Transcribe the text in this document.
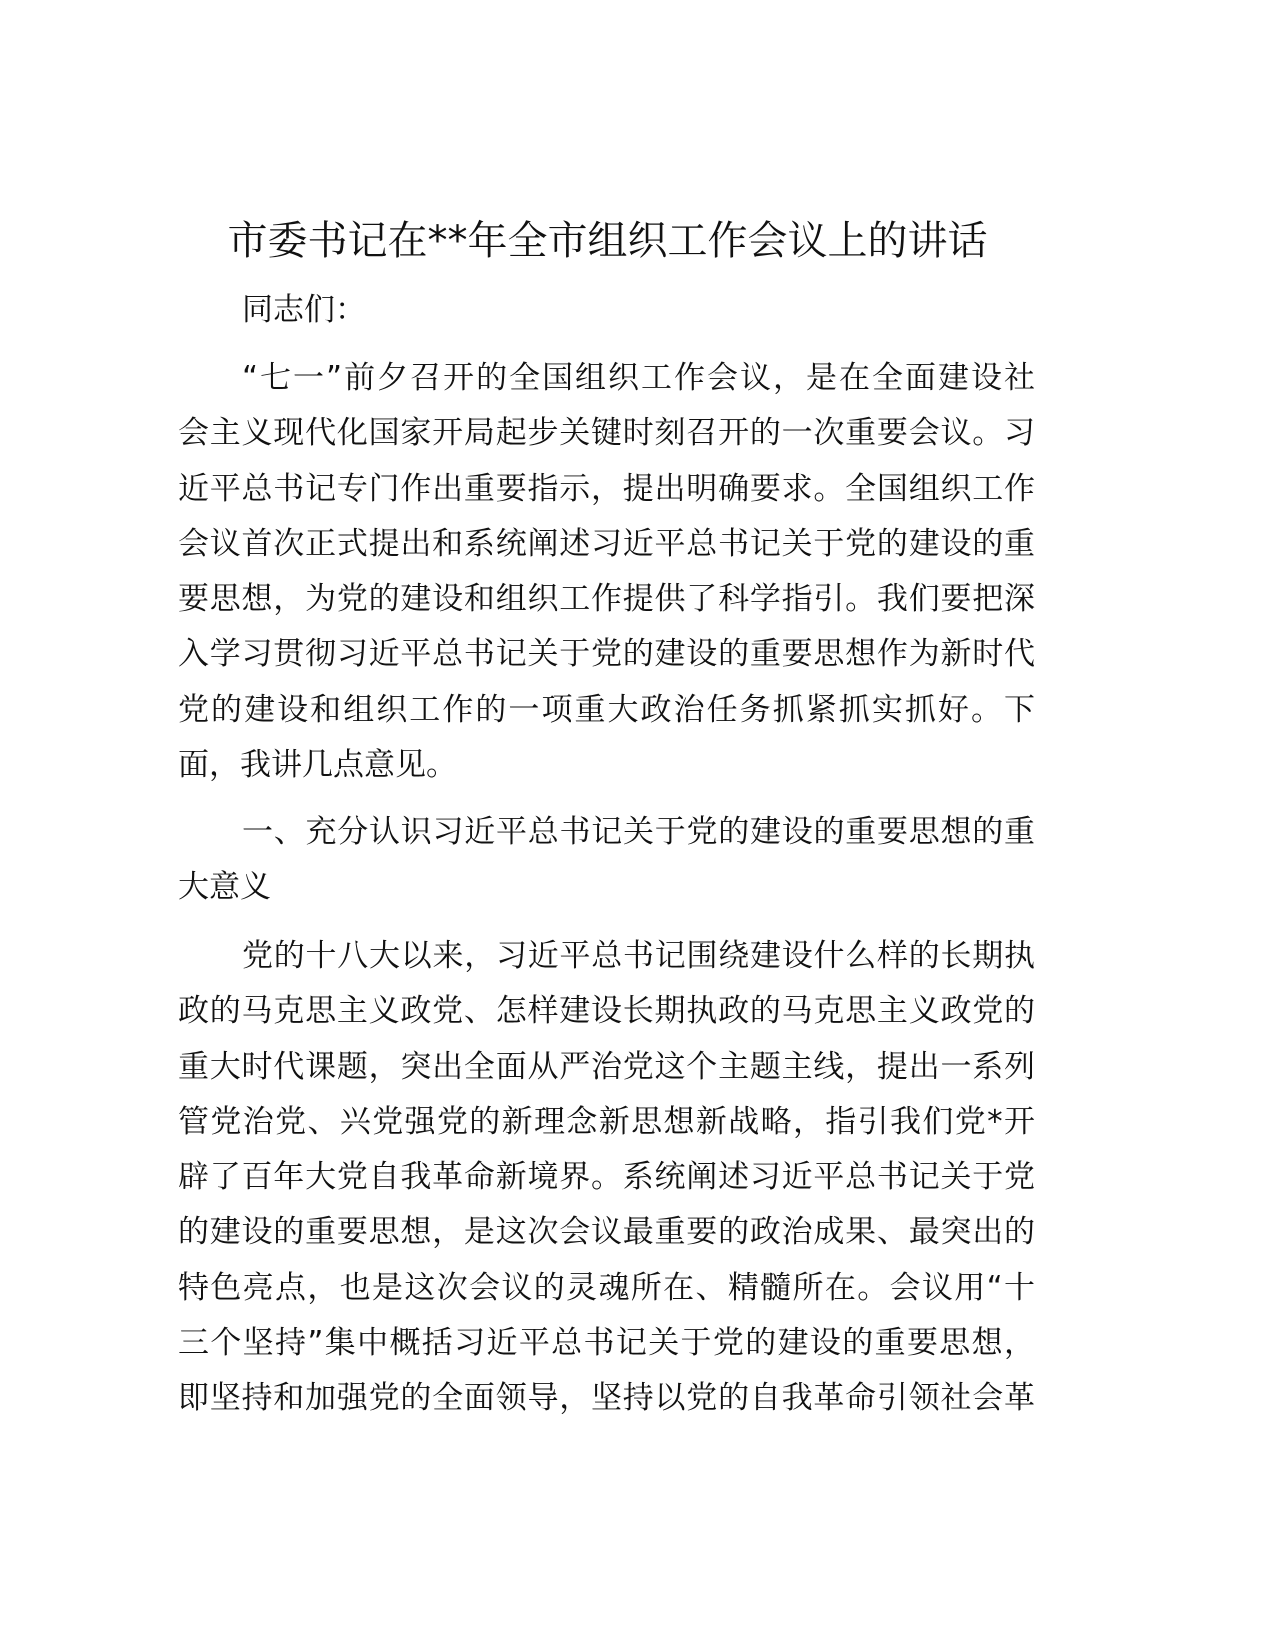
市委书记在**年全市组织工作会议上的讲话
同志们：
“七一”前夕召开的全国组织工作会议，是在全面建设社
会主义现代化国家开局起步关键时刻召开的一次重要会议。习
近平总书记专门作出重要指示，提出明确要求。全国组织工作
会议首次正式提出和系统阐述习近平总书记关于党的建设的重
要思想，为党的建设和组织工作提供了科学指引。我们要把深
入学习贯彻习近平总书记关于党的建设的重要思想作为新时代
党的建设和组织工作的一项重大政治任务抓紧抓实抓好。下
面，我讲几点意见。
一、充分认识习近平总书记关于党的建设的重要思想的重
大意义
党的十八大以来，习近平总书记围绕建设什么样的长期执
政的马克思主义政党、怎样建设长期执政的马克思主义政党的
重大时代课题，突出全面从严治党这个主题主线，提出一系列
管党治党、兴党强党的新理念新思想新战略，指引我们党*开
辟了百年大党自我革命新境界。系统阐述习近平总书记关于党
的建设的重要思想，是这次会议最重要的政治成果、最突出的
特色亮点，也是这次会议的灵魂所在、精髓所在。会议用“十
三个坚持”集中概括习近平总书记关于党的建设的重要思想，
即坚持和加强党的全面领导，坚持以党的自我革命引领社会革
